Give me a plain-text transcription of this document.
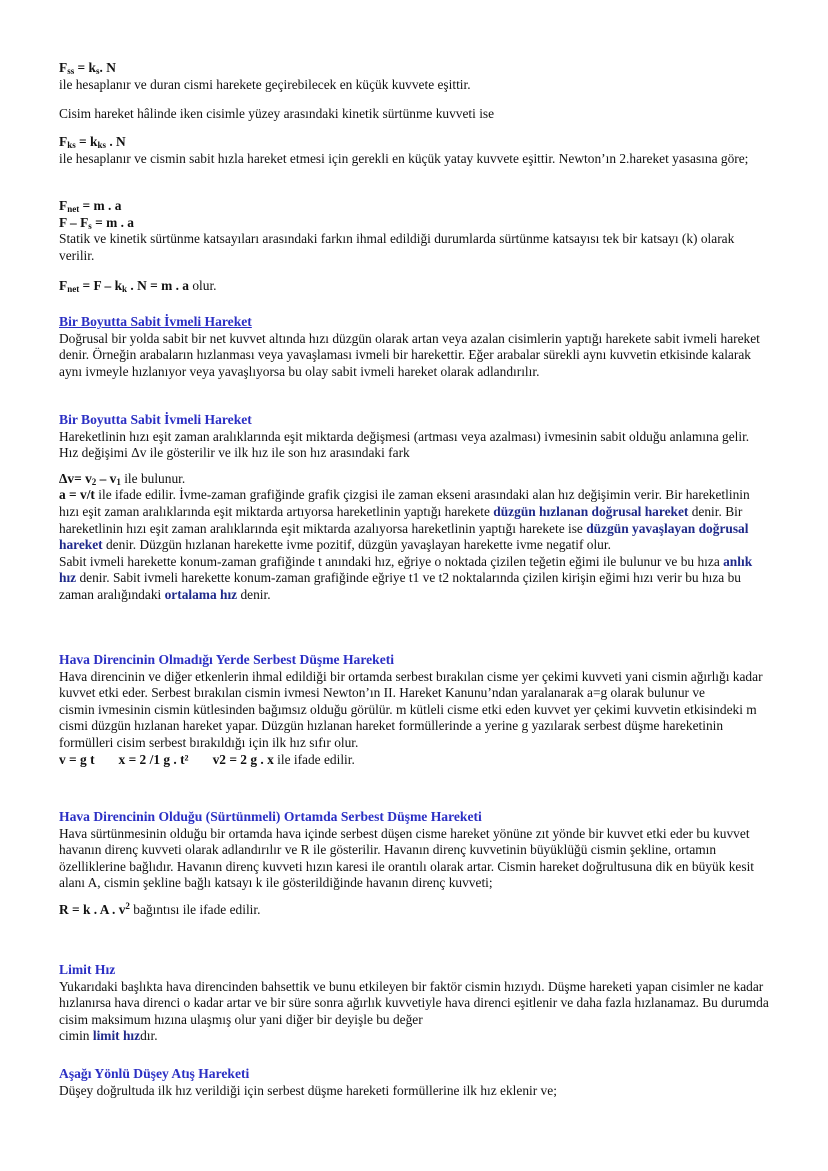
$F_{ss} = k_s$. N

ile hesaplanır ve duran cismi harekete geçirebilecek en küçük kuvvete eşittir.

Cisim hareket hâlinde iken cisimle yüzey arasındaki kinetik sürtünme kuvveti ise

$F_{ks} = k_{ks}$ . N

ile hesaplanır ve cismin sabit hızla hareket etmesi için gerekli en küçük yatay kuvvete eşittir. Newton’ın 2.hareket yasasına göre;

$F_{net} = m$ . a

$F - F_s = m$ . a

Statik ve kinetik sürtünme katsayıları arasındaki farkın ihmal edildiği durumlarda sürtünme katsayısı tek bir katsayı (k) olarak verilir.

$F_{net} = F - k_k$ . N = m . a olur.

Bir Boyutta Sabit İvmeli Hareket

Doğrusal bir yolda sabit bir net kuvvet altında hızı düzgün olarak artan veya azalan cisimlerin yaptığı harekete sabit ivmeli hareket denir. Örneğin arabaların hızlanması veya yavaşlaması ivmeli bir harekettir. Eğer arabalar sürekli aynı kuvvetin etkisinde kalarak aynı ivmeyle hızlanıyor veya yavaşlıyorsa bu olay sabit ivmeli hareket olarak adlandırılır.

Bir Boyutta Sabit İvmeli Hareket

Hareketlinin hızı eşit zaman aralıklarında eşit miktarda değişmesi (artması veya azalması) ivmesinin sabit olduğu anlamına gelir. Hız değişimi Δv ile gösterilir ve ilk hız ile son hız arasındaki fark

$\Delta v= v_2 - v_1$ ile bulunur.

a = v/t ile ifade edilir. İvme-zaman grafiğinde grafik çizgisi ile zaman ekseni arasındaki alan hız değişimin verir. Bir hareketlinin hızı eşit zaman aralıklarında eşit miktarda artıyorsa hareketlinin yaptığı harekete düzgün hızlanan doğrusal hareket denir. Bir hareketlinin hızı eşit zaman aralıklarında eşit miktarda azalıyorsa hareketlinin yaptığı harekete ise düzgün yavaşlayan doğrusal hareket denir. Düzgün hızlanan harekette ivme pozitif, düzgün yavaşlayan harekette ivme negatif olur.

Sabit ivmeli harekette konum-zaman grafiğinde t anındaki hız, eğriye o noktada çizilen teğetin eğimi ile bulunur ve bu hıza anlık hız denir. Sabit ivmeli harekette konum-zaman grafiğinde eğriye t1 ve t2 noktalarında çizilen kirişin eğimi hızı verir bu hıza bu zaman aralığındaki ortalama hız denir.

Hava Direncinin Olmadığı Yerde Serbest Düşme Hareketi

Hava direncinin ve diğer etkenlerin ihmal edildiği bir ortamda serbest bırakılan cisme yer çekimi kuvveti yani cismin ağırlığı kadar kuvvet etki eder. Serbest bırakılan cismin ivmesi Newton’ın II. Hareket Kanunu’ndan yaralanarak a=g olarak bulunur ve

cismin ivmesinin cismin kütlesinden bağımsız olduğu görülür. m kütleli cisme etki eden kuvvet yer çekimi kuvvetin etkisindeki m cismi düzgün hızlanan hareket yapar. Düzgün hızlanan hareket formüllerinde a yerine g yazılarak serbest düşme hareketinin formülleri cisim serbest bırakıldığı için ilk hız sıfır olur.

v = g t x = 2 /1 g . t² v2 = 2 g . x ile ifade edilir.

Hava Direncinin Olduğu (Sürtünmeli) Ortamda Serbest Düşme Hareketi

Hava sürtünmesinin olduğu bir ortamda hava içinde serbest düşen cisme hareket yönüne zıt yönde bir kuvvet etki eder bu kuvvet havanın direnç kuvveti olarak adlandırılır ve R ile gösterilir. Havanın direnç kuvvetinin büyüklüğü cismin şekline, ortamın özelliklerine bağlıdır. Havanın direnç kuvveti hızın karesi ile orantılı olarak artar. Cismin hareket doğrultusuna dik en büyük kesit alanı A, cismin şekline bağlı katsayı k ile gösterildiğinde havanın direnç kuvveti;

R = k . A . $v^2$ bağıntısı ile ifade edilir.

Limit Hız

Yukarıdaki başlıkta hava direncinden bahsettik ve bunu etkileyen bir faktör cismin hızıydı. Düşme hareketi yapan cisimler ne kadar hızlanırsa hava direnci o kadar artar ve bir süre sonra ağırlık kuvvetiyle hava direnci eşitlenir ve daha fazla hızlanamaz. Bu durumda cisim maksimum hızına ulaşmış olur yani diğer bir deyişle bu değer

cimin limit hızdır.

Aşağı Yönlü Düşey Atış Hareketi

Düşey doğrultuda ilk hız verildiği için serbest düşme hareketi formüllerine ilk hız eklenir ve;
